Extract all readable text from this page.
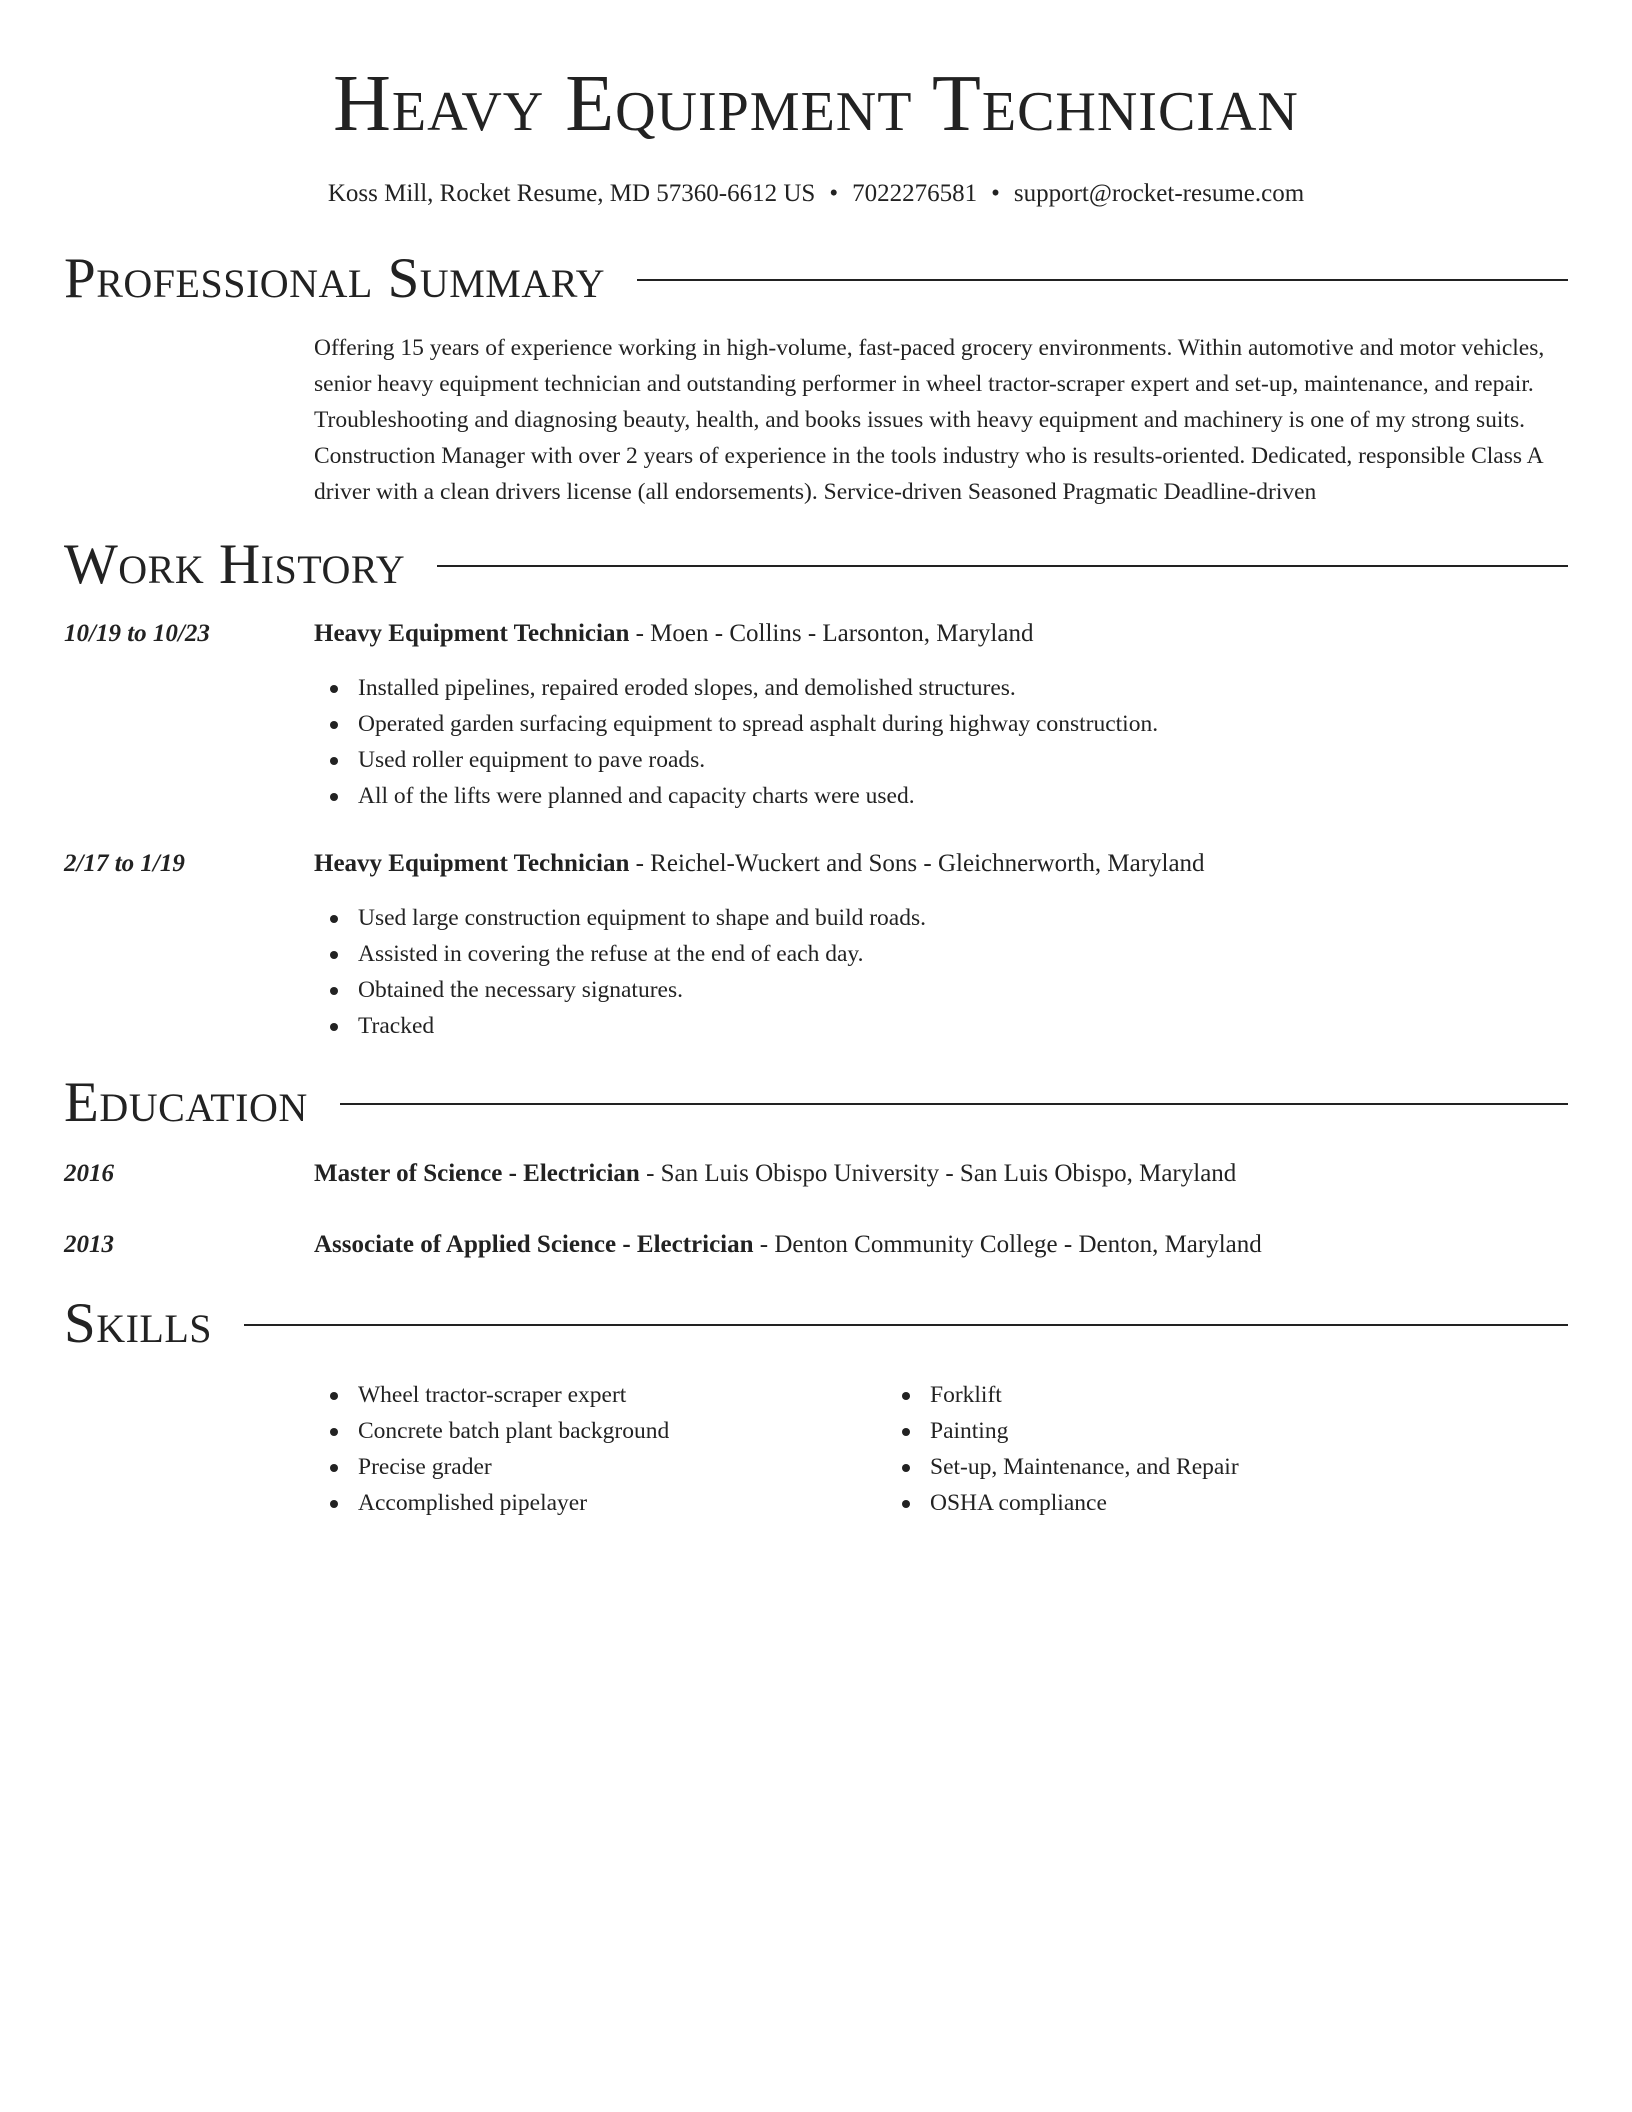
Heavy Equipment Technician
Koss Mill, Rocket Resume, MD 57360-6612 US • 7022276581 • support@rocket-resume.com
Professional Summary

Offering 15 years of experience working in high-volume, fast-paced grocery environments. Within automotive and motor vehicles, senior heavy equipment technician and outstanding performer in wheel tractor-scraper expert and set-up, maintenance, and repair. Troubleshooting and diagnosing beauty, health, and books issues with heavy equipment and machinery is one of my strong suits. Construction Manager with over 2 years of experience in the tools industry who is results-oriented. Dedicated, responsible Class A driver with a clean drivers license (all endorsements). Service-driven Seasoned Pragmatic Deadline-driven

Work History
10/19 to 10/23	Heavy Equipment Technician - Moen - Collins - Larsonton, Maryland
Installed pipelines, repaired eroded slopes, and demolished structures.
Operated garden surfacing equipment to spread asphalt during highway construction.
Used roller equipment to pave roads.
All of the lifts were planned and capacity charts were used.
2/17 to 1/19	Heavy Equipment Technician - Reichel-Wuckert and Sons - Gleichnerworth, Maryland
Used large construction equipment to shape and build roads.
Assisted in covering the refuse at the end of each day.
Obtained the necessary signatures.
Tracked
Education
2016	Master of Science - Electrician - San Luis Obispo University - San Luis Obispo, Maryland
2013	Associate of Applied Science - Electrician - Denton Community College - Denton, Maryland
Skills
Wheel tractor-scraper expert
Concrete batch plant background
Precise grader
Accomplished pipelayer
Forklift
Painting
Set-up, Maintenance, and Repair
OSHA compliance
